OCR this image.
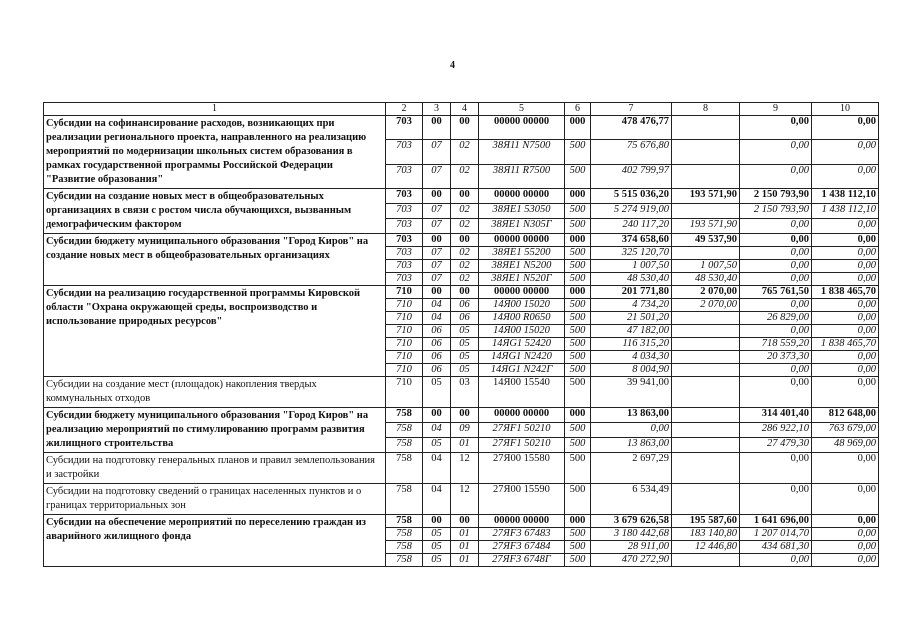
4
1	2	3	4	5	6	7	8	9	10
Субсидии на софинансирование расходов, возникающих при реализации регионального проекта, направленного на реализацию мероприятий по модернизации школьных систем образования в рамках государственной программы Российской Федерации "Развитие образования"	703	00	00	00000 00000	000	478 476,77		0,00	0,00
	703	07	02	38Я11 N7500	500	75 676,80		0,00	0,00
	703	07	02	38Я11 R7500	500	402 799,97		0,00	0,00
Субсидии на создание новых мест в общеобразовательных организациях в связи с ростом числа обучающихся, вызванным демографическим фактором	703	00	00	00000 00000	000	5 515 036,20	193 571,90	2 150 793,90	1 438 112,10
	703	07	02	38ЯЕ1 53050	500	5 274 919,00		2 150 793,90	1 438 112,10
	703	07	02	38ЯЕ1 N305Г	500	240 117,20	193 571,90	0,00	0,00
Субсидии бюджету муниципального образования "Город Киров" на создание новых мест в общеобразовательных организациях	703	00	00	00000 00000	000	374 658,60	49 537,90	0,00	0,00
	703	07	02	38ЯЕ1 55200	500	325 120,70		0,00	0,00
	703	07	02	38ЯЕ1 N5200	500	1 007,50	1 007,50	0,00	0,00
	703	07	02	38ЯЕ1 N520Г	500	48 530,40	48 530,40	0,00	0,00
Субсидии на реализацию государственной программы Кировской области "Охрана окружающей среды, воспроизводство и использование природных ресурсов"	710	00	00	00000 00000	000	201 771,80	2 070,00	765 761,50	1 838 465,70
	710	04	06	14Я00 15020	500	4 734,20	2 070,00	0,00	0,00
	710	04	06	14Я00 R0650	500	21 501,20		26 829,00	0,00
	710	06	05	14Я00 15020	500	47 182,00		0,00	0,00
	710	06	05	14ЯG1 52420	500	116 315,20		718 559,20	1 838 465,70
	710	06	05	14ЯG1 N2420	500	4 034,30		20 373,30	0,00
	710	06	05	14ЯG1 N242Г	500	8 004,90		0,00	0,00
Субсидии на создание мест (площадок) накопления твердых коммунальных отходов	710	05	03	14Я00 15540	500	39 941,00		0,00	0,00
Субсидии бюджету муниципального образования "Город Киров" на реализацию мероприятий по стимулированию программ развития жилищного строительства	758	00	00	00000 00000	000	13 863,00		314 401,40	812 648,00
	758	04	09	27ЯF1 50210	500	0,00		286 922,10	763 679,00
	758	05	01	27ЯF1 50210	500	13 863,00		27 479,30	48 969,00
Субсидии на подготовку генеральных планов и правил землепользования и застройки	758	04	12	27Я00 15580	500	2 697,29		0,00	0,00
Субсидии на подготовку сведений о границах населенных пунктов и о границах территориальных зон	758	04	12	27Я00 15590	500	6 534,49		0,00	0,00
Субсидии на обеспечение мероприятий по переселению граждан из аварийного жилищного фонда	758	00	00	00000 00000	000	3 679 626,58	195 587,60	1 641 696,00	0,00
	758	05	01	27ЯF3 67483	500	3 180 442,68	183 140,80	1 207 014,70	0,00
	758	05	01	27ЯF3 67484	500	28 911,00	12 446,80	434 681,30	0,00
	758	05	01	27ЯF3 6748Г	500	470 272,90		0,00	0,00
